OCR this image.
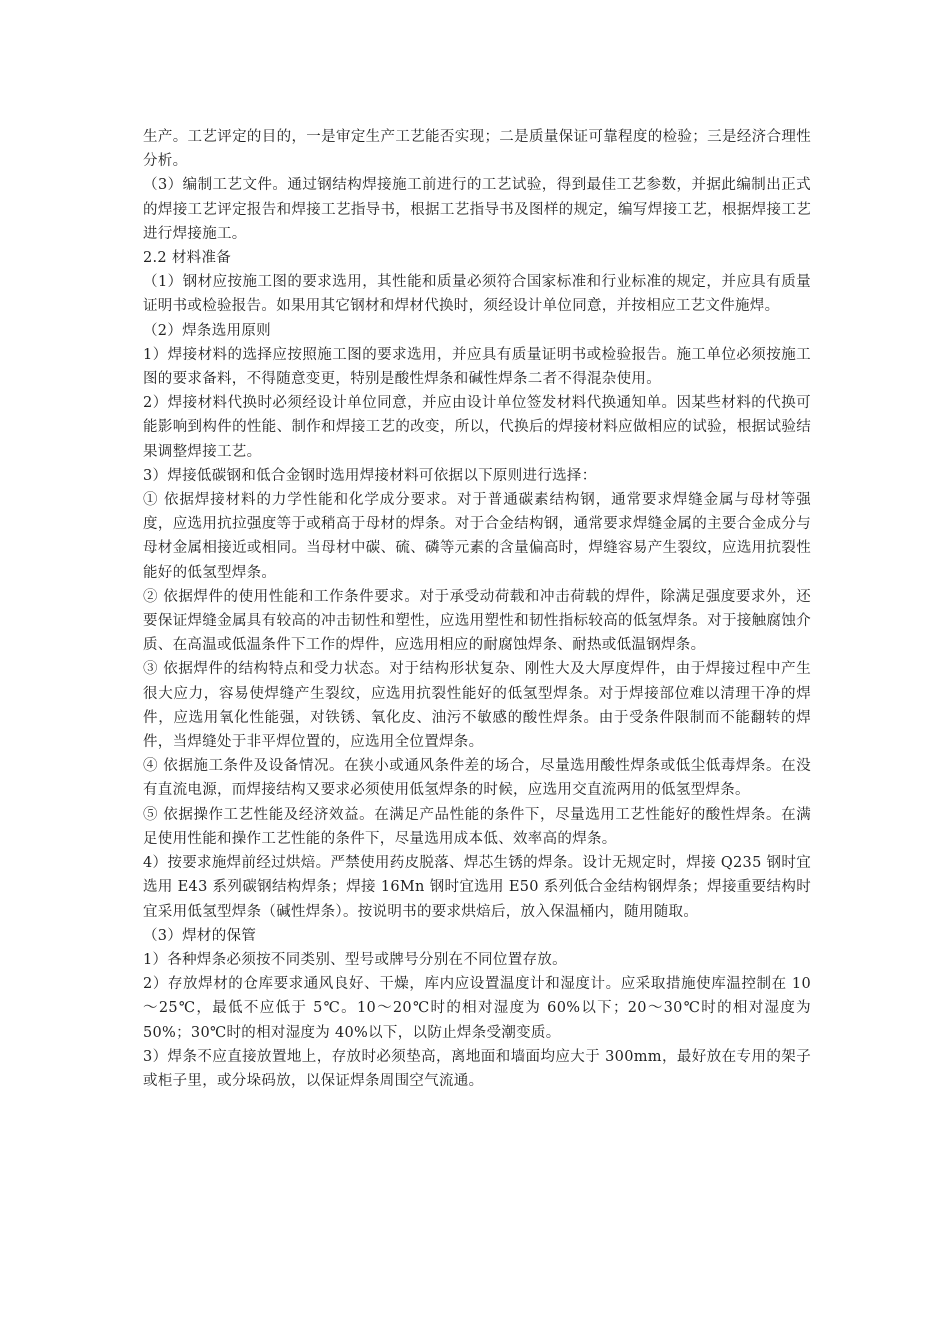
生产。工艺评定的目的，一是审定生产工艺能否实现；二是质量保证可靠程度的检验；三是经济合理性分析。

（3）编制工艺文件。通过钢结构焊接施工前进行的工艺试验，得到最佳工艺参数，并据此编制出正式的焊接工艺评定报告和焊接工艺指导书，根据工艺指导书及图样的规定，编写焊接工艺，根据焊接工艺进行焊接施工。

2.2 材料准备

（1）钢材应按施工图的要求选用，其性能和质量必须符合国家标准和行业标准的规定，并应具有质量证明书或检验报告。如果用其它钢材和焊材代换时，须经设计单位同意，并按相应工艺文件施焊。

（2）焊条选用原则

1）焊接材料的选择应按照施工图的要求选用，并应具有质量证明书或检验报告。施工单位必须按施工图的要求备料，不得随意变更，特别是酸性焊条和碱性焊条二者不得混杂使用。

2）焊接材料代换时必须经设计单位同意，并应由设计单位签发材料代换通知单。因某些材料的代换可能影响到构件的性能、制作和焊接工艺的改变，所以，代换后的焊接材料应做相应的试验，根据试验结果调整焊接工艺。

3）焊接低碳钢和低合金钢时选用焊接材料可依据以下原则进行选择：

① 依据焊接材料的力学性能和化学成分要求。对于普通碳素结构钢，通常要求焊缝金属与母材等强度，应选用抗拉强度等于或稍高于母材的焊条。对于合金结构钢，通常要求焊缝金属的主要合金成分与母材金属相接近或相同。当母材中碳、硫、磷等元素的含量偏高时，焊缝容易产生裂纹，应选用抗裂性能好的低氢型焊条。

② 依据焊件的使用性能和工作条件要求。对于承受动荷载和冲击荷载的焊件，除满足强度要求外，还要保证焊缝金属具有较高的冲击韧性和塑性，应选用塑性和韧性指标较高的低氢焊条。对于接触腐蚀介质、在高温或低温条件下工作的焊件，应选用相应的耐腐蚀焊条、耐热或低温钢焊条。

③ 依据焊件的结构特点和受力状态。对于结构形状复杂、刚性大及大厚度焊件，由于焊接过程中产生很大应力，容易使焊缝产生裂纹，应选用抗裂性能好的低氢型焊条。对于焊接部位难以清理干净的焊件，应选用氧化性能强，对铁锈、氧化皮、油污不敏感的酸性焊条。由于受条件限制而不能翻转的焊件，当焊缝处于非平焊位置的，应选用全位置焊条。

④ 依据施工条件及设备情况。在狭小或通风条件差的场合，尽量选用酸性焊条或低尘低毒焊条。在没有直流电源，而焊接结构又要求必须使用低氢焊条的时候，应选用交直流两用的低氢型焊条。

⑤ 依据操作工艺性能及经济效益。在满足产品性能的条件下，尽量选用工艺性能好的酸性焊条。在满足使用性能和操作工艺性能的条件下，尽量选用成本低、效率高的焊条。

4）按要求施焊前经过烘焙。严禁使用药皮脱落、焊芯生锈的焊条。设计无规定时，焊接 Q235 钢时宜选用 E43 系列碳钢结构焊条；焊接 16Mn 钢时宜选用 E50 系列低合金结构钢焊条；焊接重要结构时宜采用低氢型焊条（碱性焊条）。按说明书的要求烘焙后，放入保温桶内，随用随取。

（3）焊材的保管

1）各种焊条必须按不同类别、型号或牌号分别在不同位置存放。

2）存放焊材的仓库要求通风良好、干燥，库内应设置温度计和湿度计。应采取措施使库温控制在 10～25℃，最低不应低于 5℃。10～20℃时的相对湿度为 60%以下；20～30℃时的相对湿度为 50%；30℃时的相对湿度为 40%以下，以防止焊条受潮变质。

3）焊条不应直接放置地上，存放时必须垫高，离地面和墙面均应大于 300mm，最好放在专用的架子或柜子里，或分垛码放，以保证焊条周围空气流通。
